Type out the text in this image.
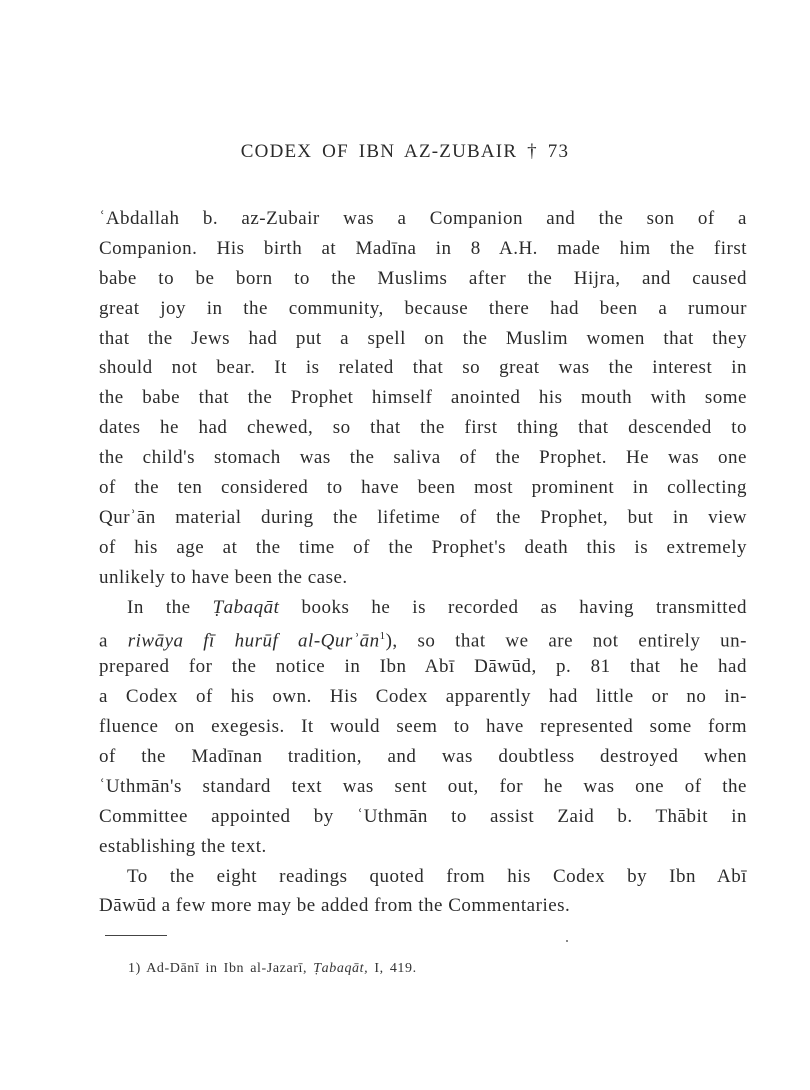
CODEX OF IBN AZ-ZUBAIR † 73
ʿAbdallah b. az-Zubair was a Companion and the son of a
Companion. His birth at Madīna in 8 A.H. made him the first
babe to be born to the Muslims after the Hijra, and caused
great joy in the community, because there had been a rumour
that the Jews had put a spell on the Muslim women that they
should not bear. It is related that so great was the interest in
the babe that the Prophet himself anointed his mouth with some
dates he had chewed, so that the first thing that descended to
the child's stomach was the saliva of the Prophet. He was one
of the ten considered to have been most prominent in collecting
Qurʾān material during the lifetime of the Prophet, but in view
of his age at the time of the Prophet's death this is extremely
unlikely to have been the case.
In the Ṭabaqāt books he is recorded as having transmitted
a riwāya fī hurūf al-Qurʾān$^1$), so that we are not entirely un-
prepared for the notice in Ibn Abī Dāwūd, p. 81 that he had
a Codex of his own. His Codex apparently had little or no in-
fluence on exegesis. It would seem to have represented some form
of the Madīnan tradition, and was doubtless destroyed when
ʿUthmān's standard text was sent out, for he was one of the
Committee appointed by ʿUthmān to assist Zaid b. Thābit in
establishing the text.
To the eight readings quoted from his Codex by Ibn Abī
Dāwūd a few more may be added from the Commentaries.
1) Ad-Dānī in Ibn al-Jazarī, Ṭabaqāt, I, 419.
